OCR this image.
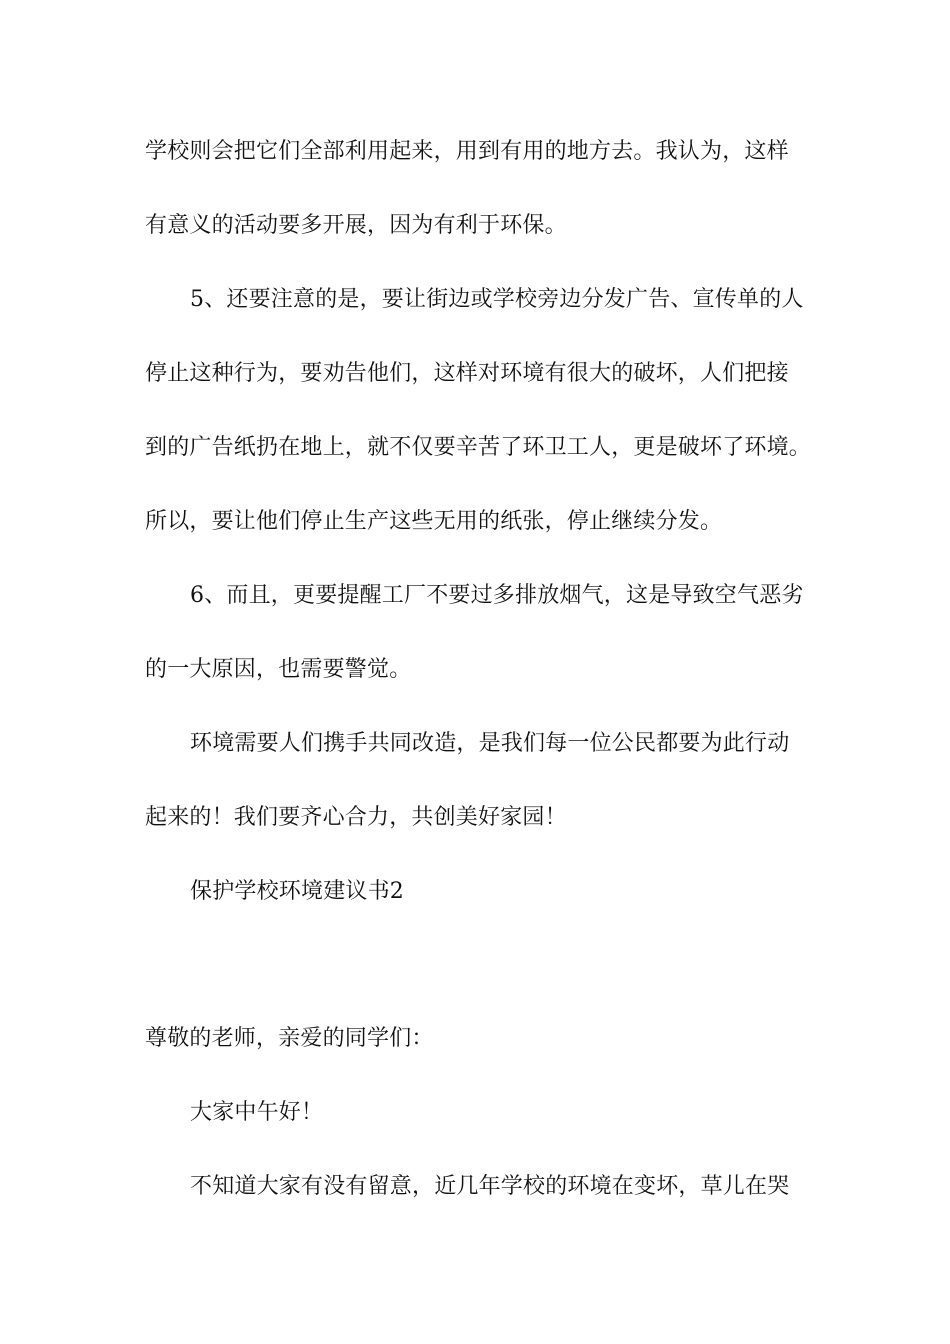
学校则会把它们全部利用起来，用到有用的地方去。我认为，这样
有意义的活动要多开展，因为有利于环保。
5、还要注意的是，要让街边或学校旁边分发广告、宣传单的人
停止这种行为，要劝告他们，这样对环境有很大的破坏，人们把接
到的广告纸扔在地上，就不仅要辛苦了环卫工人，更是破坏了环境。
所以，要让他们停止生产这些无用的纸张，停止继续分发。
6、而且，更要提醒工厂不要过多排放烟气，这是导致空气恶劣
的一大原因，也需要警觉。
环境需要人们携手共同改造，是我们每一位公民都要为此行动
起来的！我们要齐心合力，共创美好家园！
保护学校环境建议书2
尊敬的老师，亲爱的同学们：
大家中午好！
不知道大家有没有留意，近几年学校的环境在变坏，草儿在哭
